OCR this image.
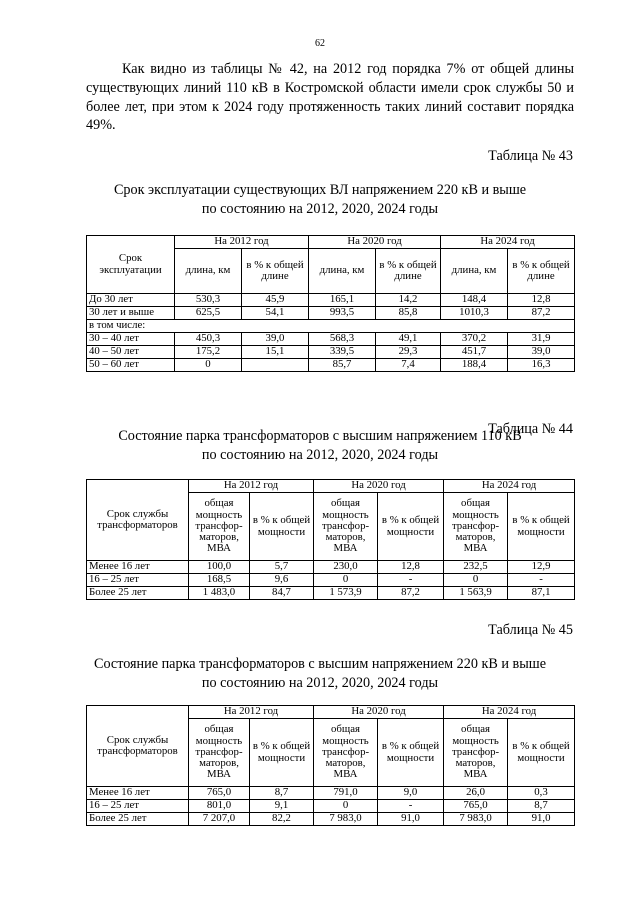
62
Как видно из таблицы № 42, на 2012 год порядка 7% от общей длины существующих линий 110 кВ в Костромской области имели срок службы 50 и более лет, при этом к 2024 году протяженность таких линий составит порядка 49%.
Таблица № 43
Срок эксплуатации существующих ВЛ напряжением 220 кВ и выше
по состоянию на 2012, 2020, 2024 годы
Срок эксплуатации	На 2012 год		На 2020 год		На 2024 год	
	длина, км	в % к общей длине	длина, км	в % к общей длине	длина, км	в % к общей длине
До 30 лет	530,3	45,9	165,1	14,2	148,4	12,8
30 лет и выше	625,5	54,1	993,5	85,8	1010,3	87,2
в том числе:						
30 – 40 лет	450,3	39,0	568,3	49,1	370,2	31,9
40 – 50 лет	175,2	15,1	339,5	29,3	451,7	39,0
50 – 60 лет	0		85,7	7,4	188,4	16,3
Таблица № 44
Состояние парка трансформаторов с высшим напряжением 110 кВ
по состоянию на 2012, 2020, 2024 годы
Срок службы трансформаторов	На 2012 год		На 2020 год		На 2024 год	
	общая мощность трансфор-маторов, МВА	в % к общей мощности	общая мощность трансфор-маторов, МВА	в % к общей мощности	общая мощность трансфор-маторов, МВА	в % к общей мощности
Менее 16 лет	100,0	5,7	230,0	12,8	232,5	12,9
16 – 25 лет	168,5	9,6	0	-	0	-
Более 25 лет	1 483,0	84,7	1 573,9	87,2	1 563,9	87,1
Таблица № 45
Состояние парка трансформаторов с высшим напряжением 220 кВ и выше
по состоянию на 2012, 2020, 2024 годы
Срок службы трансформаторов	На 2012 год		На 2020 год		На 2024 год	
	общая мощность трансфор-маторов, МВА	в % к общей мощности	общая мощность трансфор-маторов, МВА	в % к общей мощности	общая мощность трансфор-маторов, МВА	в % к общей мощности
Менее 16 лет	765,0	8,7	791,0	9,0	26,0	0,3
16 – 25 лет	801,0	9,1	0	-	765,0	8,7
Более 25 лет	7 207,0	82,2	7 983,0	91,0	7 983,0	91,0
